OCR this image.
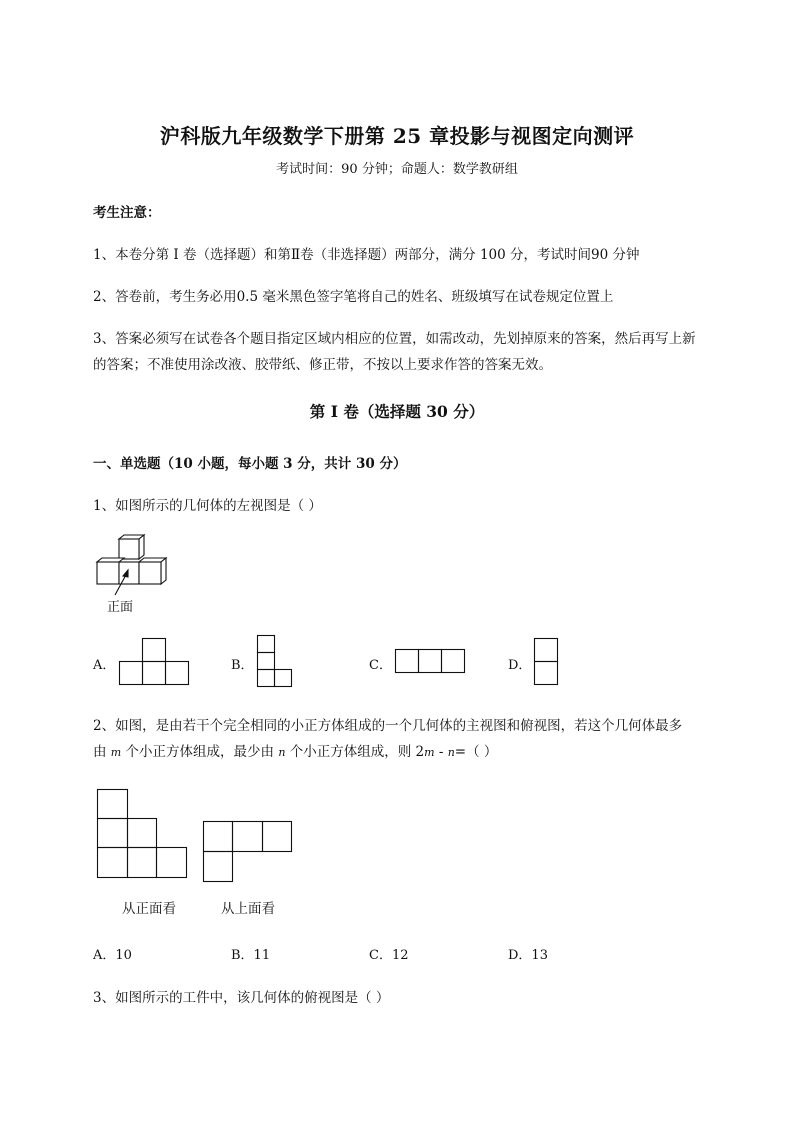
沪科版九年级数学下册第 25 章投影与视图定向测评
考试时间：90 分钟；命题人：数学教研组
考生注意：
1、本卷分第 I 卷（选择题）和第Ⅱ卷（非选择题）两部分，满分 100 分，考试时间90 分钟
2、答卷前，考生务必用0.5 毫米黑色签字笔将自己的姓名、班级填写在试卷规定位置上
3、答案必须写在试卷各个题目指定区域内相应的位置，如需改动，先划掉原来的答案，然后再写上新
的答案；不准使用涂改液、胶带纸、修正带，不按以上要求作答的答案无效。
第 I 卷（选择题 30 分）
一、单选题（10 小题，每小题 3 分，共计 30 分）
1、如图所示的几何体的左视图是（ ）
正面
A．	B．	C．	D．
2、如图，是由若干个完全相同的小正方体组成的一个几何体的主视图和俯视图，若这个几何体最多
由 m 个小正方体组成，最少由 n 个小正方体组成，则 2m - n=（ ）
从正面看	从上面看
A．10	B．11	C．12	D．13
3、如图所示的工件中，该几何体的俯视图是（ ）
